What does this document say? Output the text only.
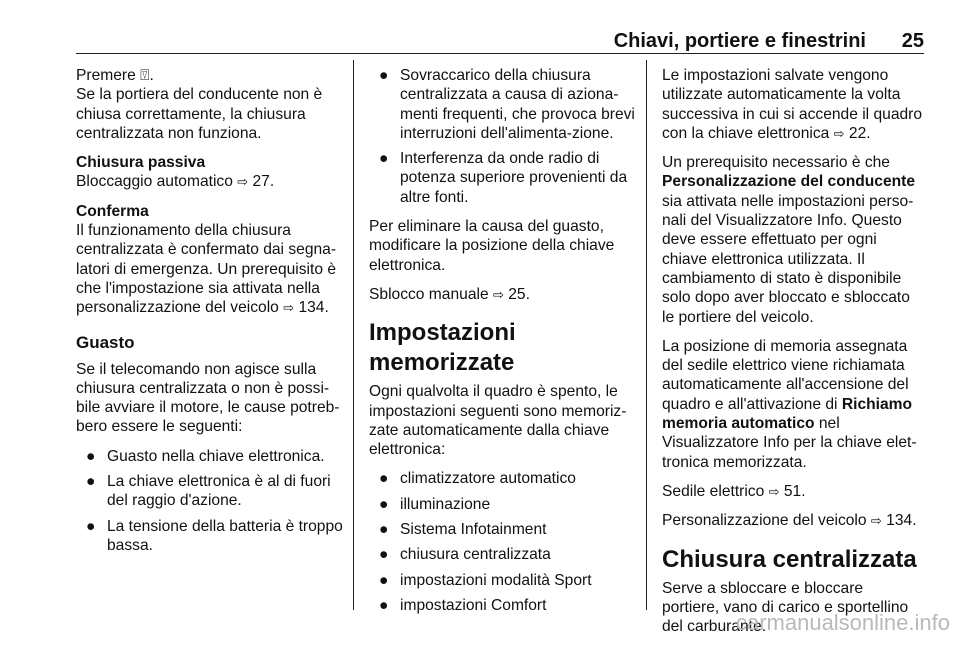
Chiavi, portiere e finestrini 25

Premere ⍔.

Se la portiera del conducente non è chiusa correttamente, la chiusura centralizzata non funziona.

Chiusura passiva

Bloccaggio automatico ⇨ 27.

Conferma

Il funzionamento della chiusura centralizzata è confermato dai segna-latori di emergenza. Un prerequisito è che l'impostazione sia attivata nella personalizzazione del veicolo ⇨ 134.

Guasto

Se il telecomando non agisce sulla chiusura centralizzata o non è possi-bile avviare il motore, le cause potreb-bero essere le seguenti:

● Guasto nella chiave elettronica.
● La chiave elettronica è al di fuori del raggio d'azione.
● La tensione della batteria è troppo bassa.
● Sovraccarico della chiusura centralizzata a causa di aziona-menti frequenti, che provoca brevi interruzioni dell'alimenta-zione.
● Interferenza da onde radio di potenza superiore provenienti da altre fonti.

Per eliminare la causa del guasto, modificare la posizione della chiave elettronica.

Sblocco manuale ⇨ 25.

Impostazioni memorizzate

Ogni qualvolta il quadro è spento, le impostazioni seguenti sono memoriz-zate automaticamente dalla chiave elettronica:

● climatizzatore automatico
● illuminazione
● Sistema Infotainment
● chiusura centralizzata
● impostazioni modalità Sport
● impostazioni Comfort

Le impostazioni salvate vengono utilizzate automaticamente la volta successiva in cui si accende il quadro con la chiave elettronica ⇨ 22.

Un prerequisito necessario è che Personalizzazione del conducente sia attivata nelle impostazioni perso-nali del Visualizzatore Info. Questo deve essere effettuato per ogni chiave elettronica utilizzata. Il cambiamento di stato è disponibile solo dopo aver bloccato e sbloccato le portiere del veicolo.

La posizione di memoria assegnata del sedile elettrico viene richiamata automaticamente all'accensione del quadro e all'attivazione di Richiamo memoria automatico nel Visualizzatore Info per la chiave elet-tronica memorizzata.

Sedile elettrico ⇨ 51.

Personalizzazione del veicolo ⇨ 134.

Chiusura centralizzata

Serve a sbloccare e bloccare portiere, vano di carico e sportellino del carburante.

carmanualsonline.info
